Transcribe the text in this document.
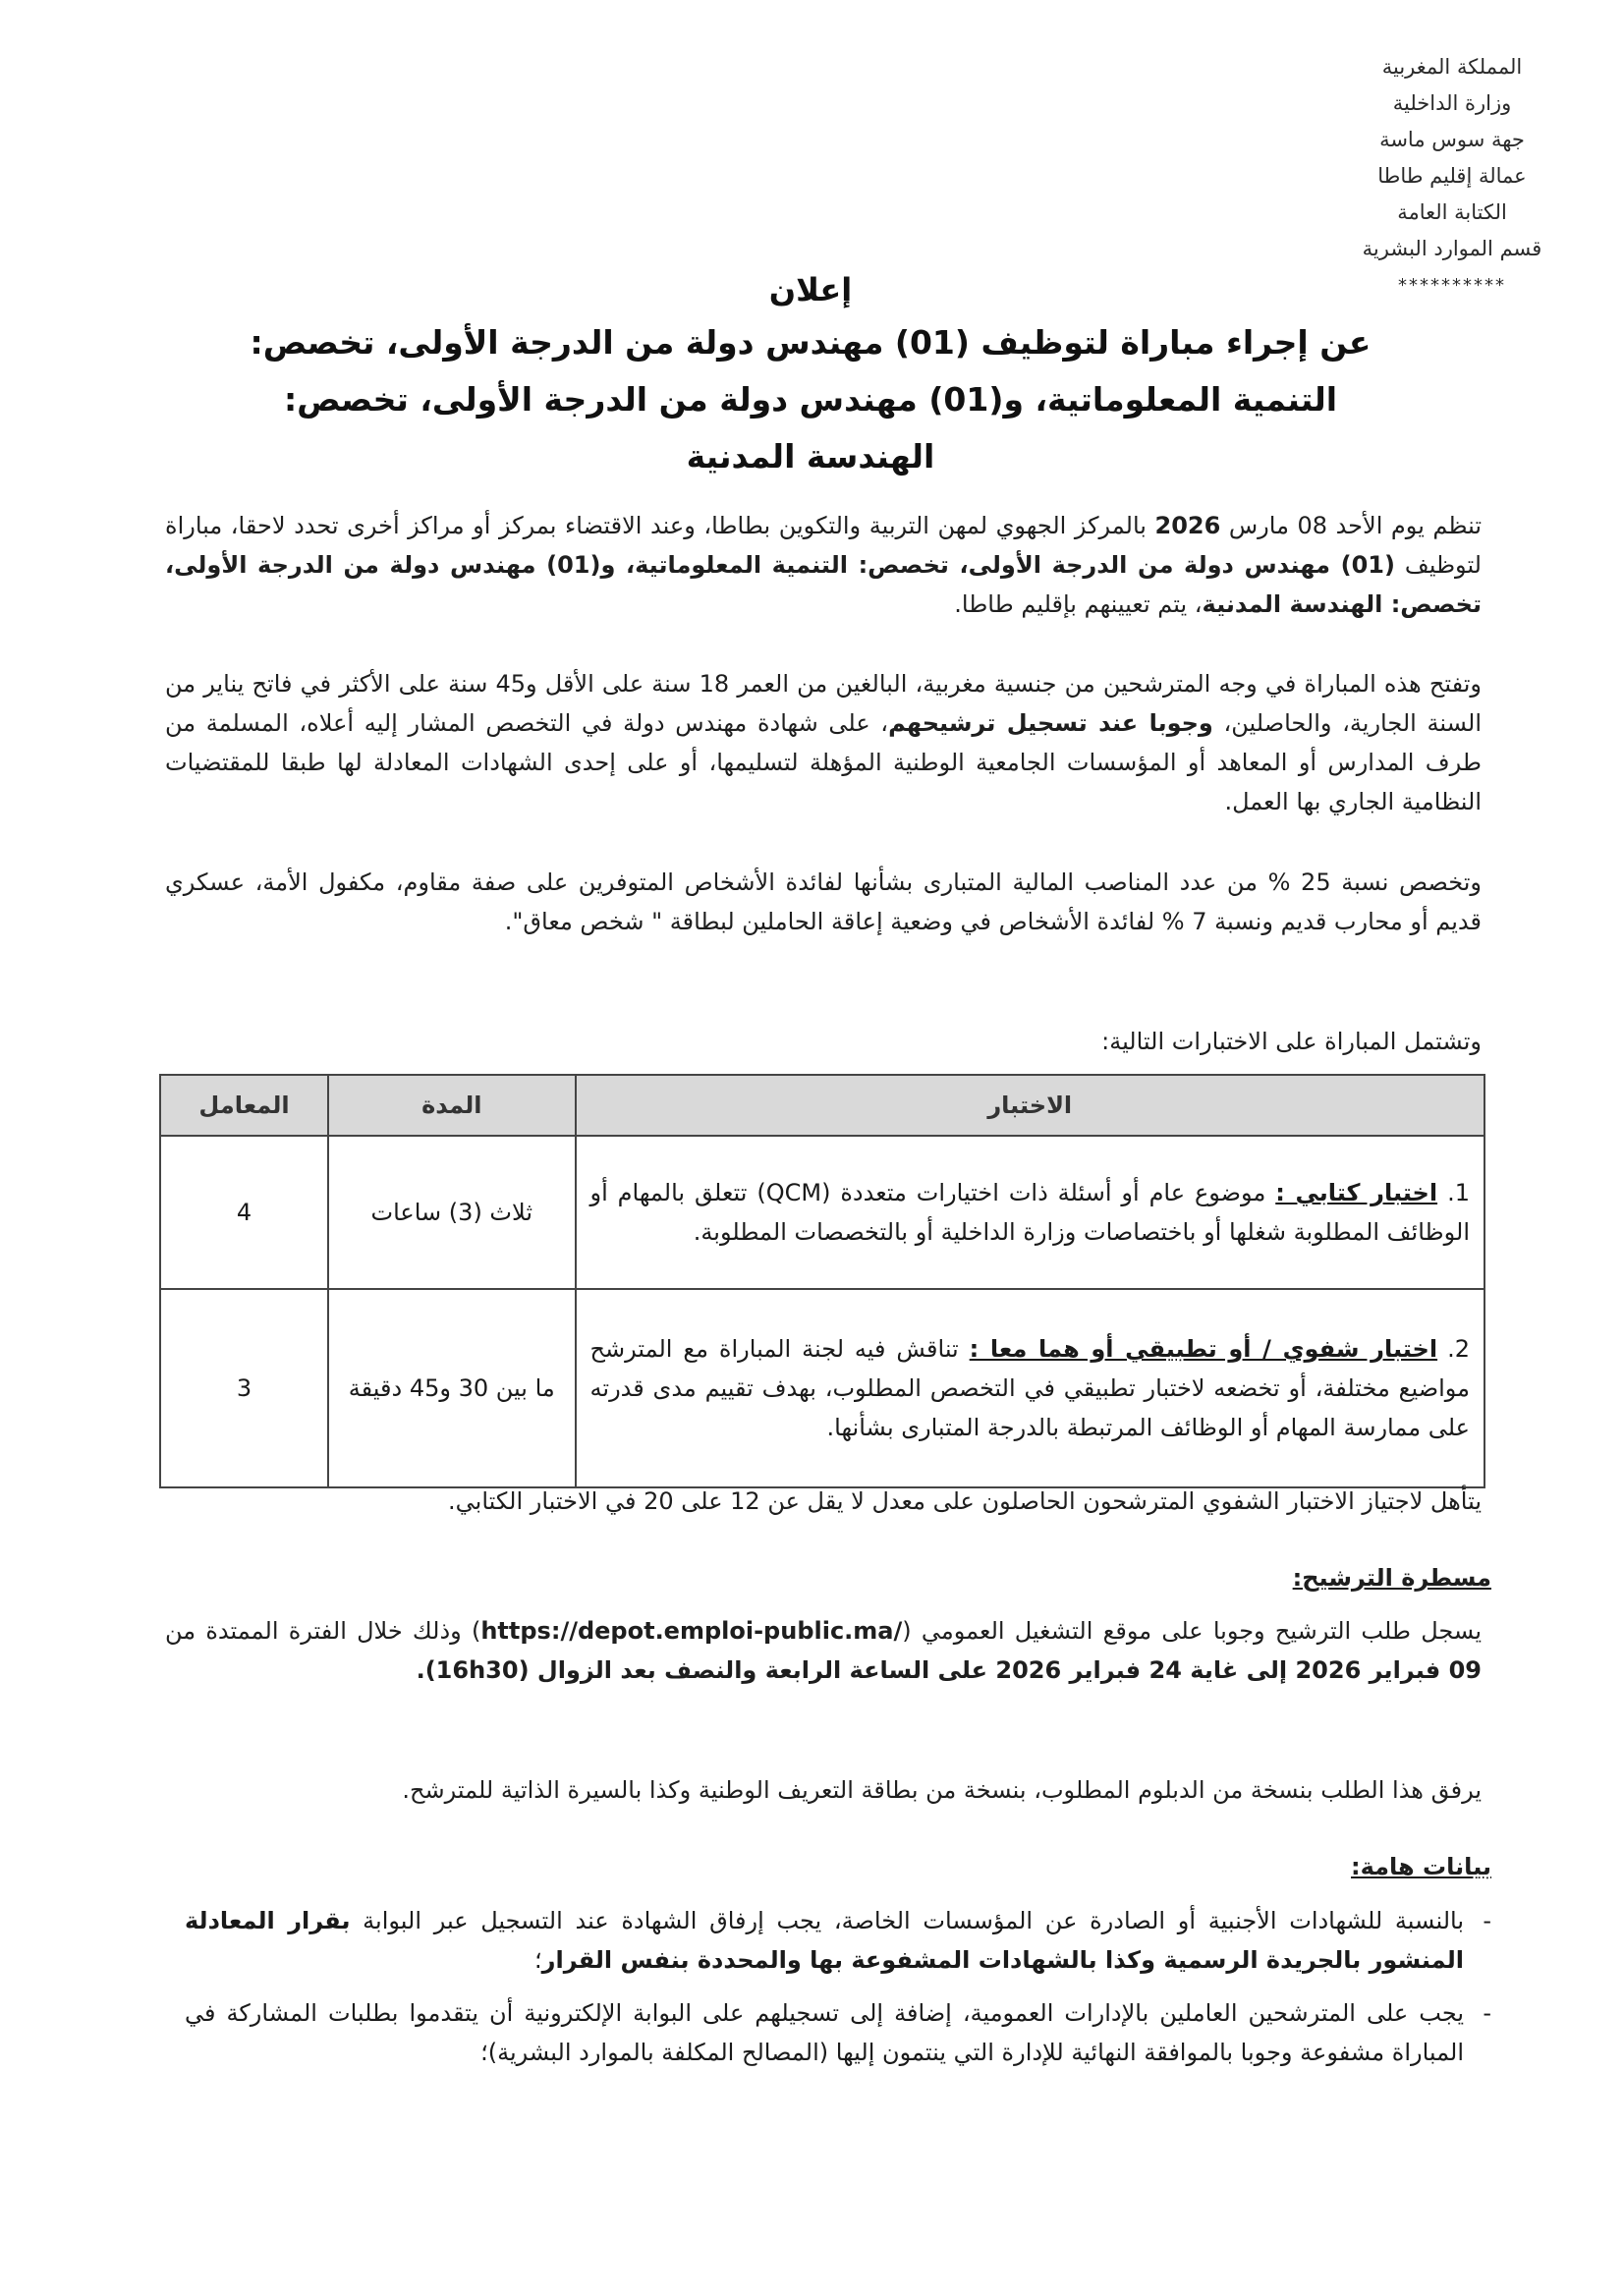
المملكة المغربية
وزارة الداخلية
جهة سوس ماسة
عمالة إقليم طاطا
الكتابة العامة
قسم الموارد البشرية
**********
إعلان
عن إجراء مباراة لتوظيف (01) مهندس دولة من الدرجة الأولى، تخصص:
التنمية المعلوماتية، و(01) مهندس دولة من الدرجة الأولى، تخصص:
الهندسة المدنية
تنظم يوم الأحد 08 مارس 2026 بالمركز الجهوي لمهن التربية والتكوين بطاطا، وعند الاقتضاء بمركز أو مراكز أخرى تحدد لاحقا، مباراة لتوظيف (01) مهندس دولة من الدرجة الأولى، تخصص: التنمية المعلوماتية، و(01) مهندس دولة من الدرجة الأولى، تخصص: الهندسة المدنية، يتم تعيينهم بإقليم طاطا.
وتفتح هذه المباراة في وجه المترشحين من جنسية مغربية، البالغين من العمر 18 سنة على الأقل و45 سنة على الأكثر في فاتح يناير من السنة الجارية، والحاصلين، وجوبا عند تسجيل ترشيحهم، على شهادة مهندس دولة في التخصص المشار إليه أعلاه، المسلمة من طرف المدارس أو المعاهد أو المؤسسات الجامعية الوطنية المؤهلة لتسليمها، أو على إحدى الشهادات المعادلة لها طبقا للمقتضيات النظامية الجاري بها العمل.
وتخصص نسبة 25 % من عدد المناصب المالية المتبارى بشأنها لفائدة الأشخاص المتوفرين على صفة مقاوم، مكفول الأمة، عسكري قديم أو محارب قديم ونسبة 7 % لفائدة الأشخاص في وضعية إعاقة الحاملين لبطاقة " شخص معاق".
وتشتمل المباراة على الاختبارات التالية:
الاختبار	المدة	المعامل
1.اختبار كتابي : موضوع عام أو أسئلة ذات اختيارات متعددة (QCM) تتعلق بالمهام أو الوظائف المطلوبة شغلها أو باختصاصات وزارة الداخلية أو بالتخصصات المطلوبة.	ثلاث (3) ساعات	4
2.اختبار شفوي / أو تطبيقي أو هما معا : تناقش فيه لجنة المباراة مع المترشح مواضيع مختلفة، أو تخضعه لاختبار تطبيقي في التخصص المطلوب، بهدف تقييم مدى قدرته على ممارسة المهام أو الوظائف المرتبطة بالدرجة المتبارى بشأنها.	ما بين 30 و45 دقيقة	3
يتأهل لاجتياز الاختبار الشفوي المترشحون الحاصلون على معدل لا يقل عن 12 على 20 في الاختبار الكتابي.
مسطرة الترشيح:
يسجل طلب الترشيح وجوبا على موقع التشغيل العمومي (https://depot.emploi-public.ma/) وذلك خلال الفترة الممتدة من 09 فبراير 2026 إلى غاية 24 فبراير 2026 على الساعة الرابعة والنصف بعد الزوال (16h30).
يرفق هذا الطلب بنسخة من الدبلوم المطلوب، بنسخة من بطاقة التعريف الوطنية وكذا بالسيرة الذاتية للمترشح.
بيانات هامة:
-
بالنسبة للشهادات الأجنبية أو الصادرة عن المؤسسات الخاصة، يجب إرفاق الشهادة عند التسجيل عبر البوابة بقرار المعادلة المنشور بالجريدة الرسمية وكذا بالشهادات المشفوعة بها والمحددة بنفس القرار؛
-
يجب على المترشحين العاملين بالإدارات العمومية، إضافة إلى تسجيلهم على البوابة الإلكترونية أن يتقدموا بطلبات المشاركة في المباراة مشفوعة وجوبا بالموافقة النهائية للإدارة التي ينتمون إليها (المصالح المكلفة بالموارد البشرية)؛
